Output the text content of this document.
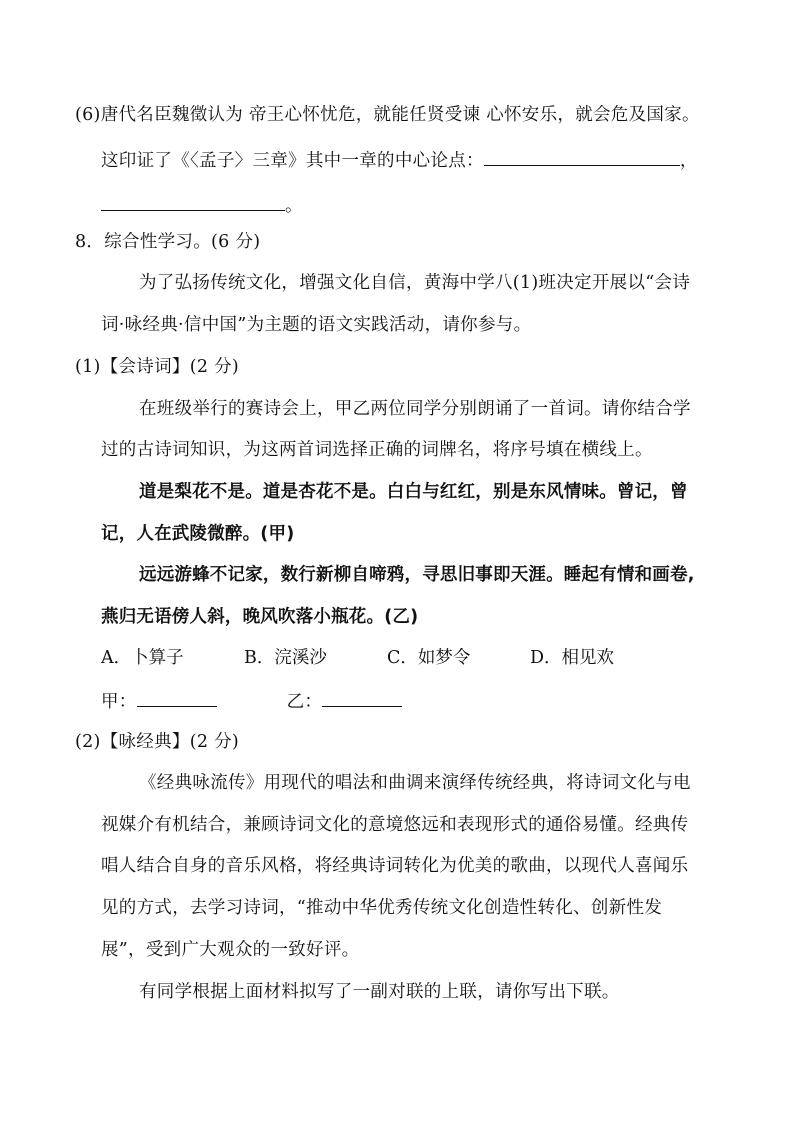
(6)唐代名臣魏徵认为 帝王心怀忧危，就能任贤受谏 心怀安乐，就会危及国家。
这印证了《〈孟子〉三章》其中一章的中心论点：	，
。
8．综合性学习。(6 分)
为了弘扬传统文化，增强文化自信，黄海中学八(1)班决定开展以“会诗
词·咏经典·信中国”为主题的语文实践活动，请你参与。
(1)【会诗词】(2 分)
在班级举行的赛诗会上，甲乙两位同学分别朗诵了一首词。请你结合学
过的古诗词知识，为这两首词选择正确的词牌名，将序号填在横线上。
道是梨花不是。道是杏花不是。白白与红红，别是东风情味。曾记，曾
记，人在武陵微醉。(甲)
远远游蜂不记家，数行新柳自啼鸦，寻思旧事即天涯。睡起有情和画卷,
燕归无语傍人斜，晚风吹落小瓶花。(乙)
A．卜算子	B．浣溪沙	C．如梦令	D．相见欢
甲：	乙：
(2)【咏经典】(2 分)
《经典咏流传》用现代的唱法和曲调来演绎传统经典，将诗词文化与电
视媒介有机结合，兼顾诗词文化的意境悠远和表现形式的通俗易懂。经典传
唱人结合自身的音乐风格，将经典诗词转化为优美的歌曲，以现代人喜闻乐
见的方式，去学习诗词，“推动中华优秀传统文化创造性转化、创新性发
展”，受到广大观众的一致好评。
有同学根据上面材料拟写了一副对联的上联，请你写出下联。
